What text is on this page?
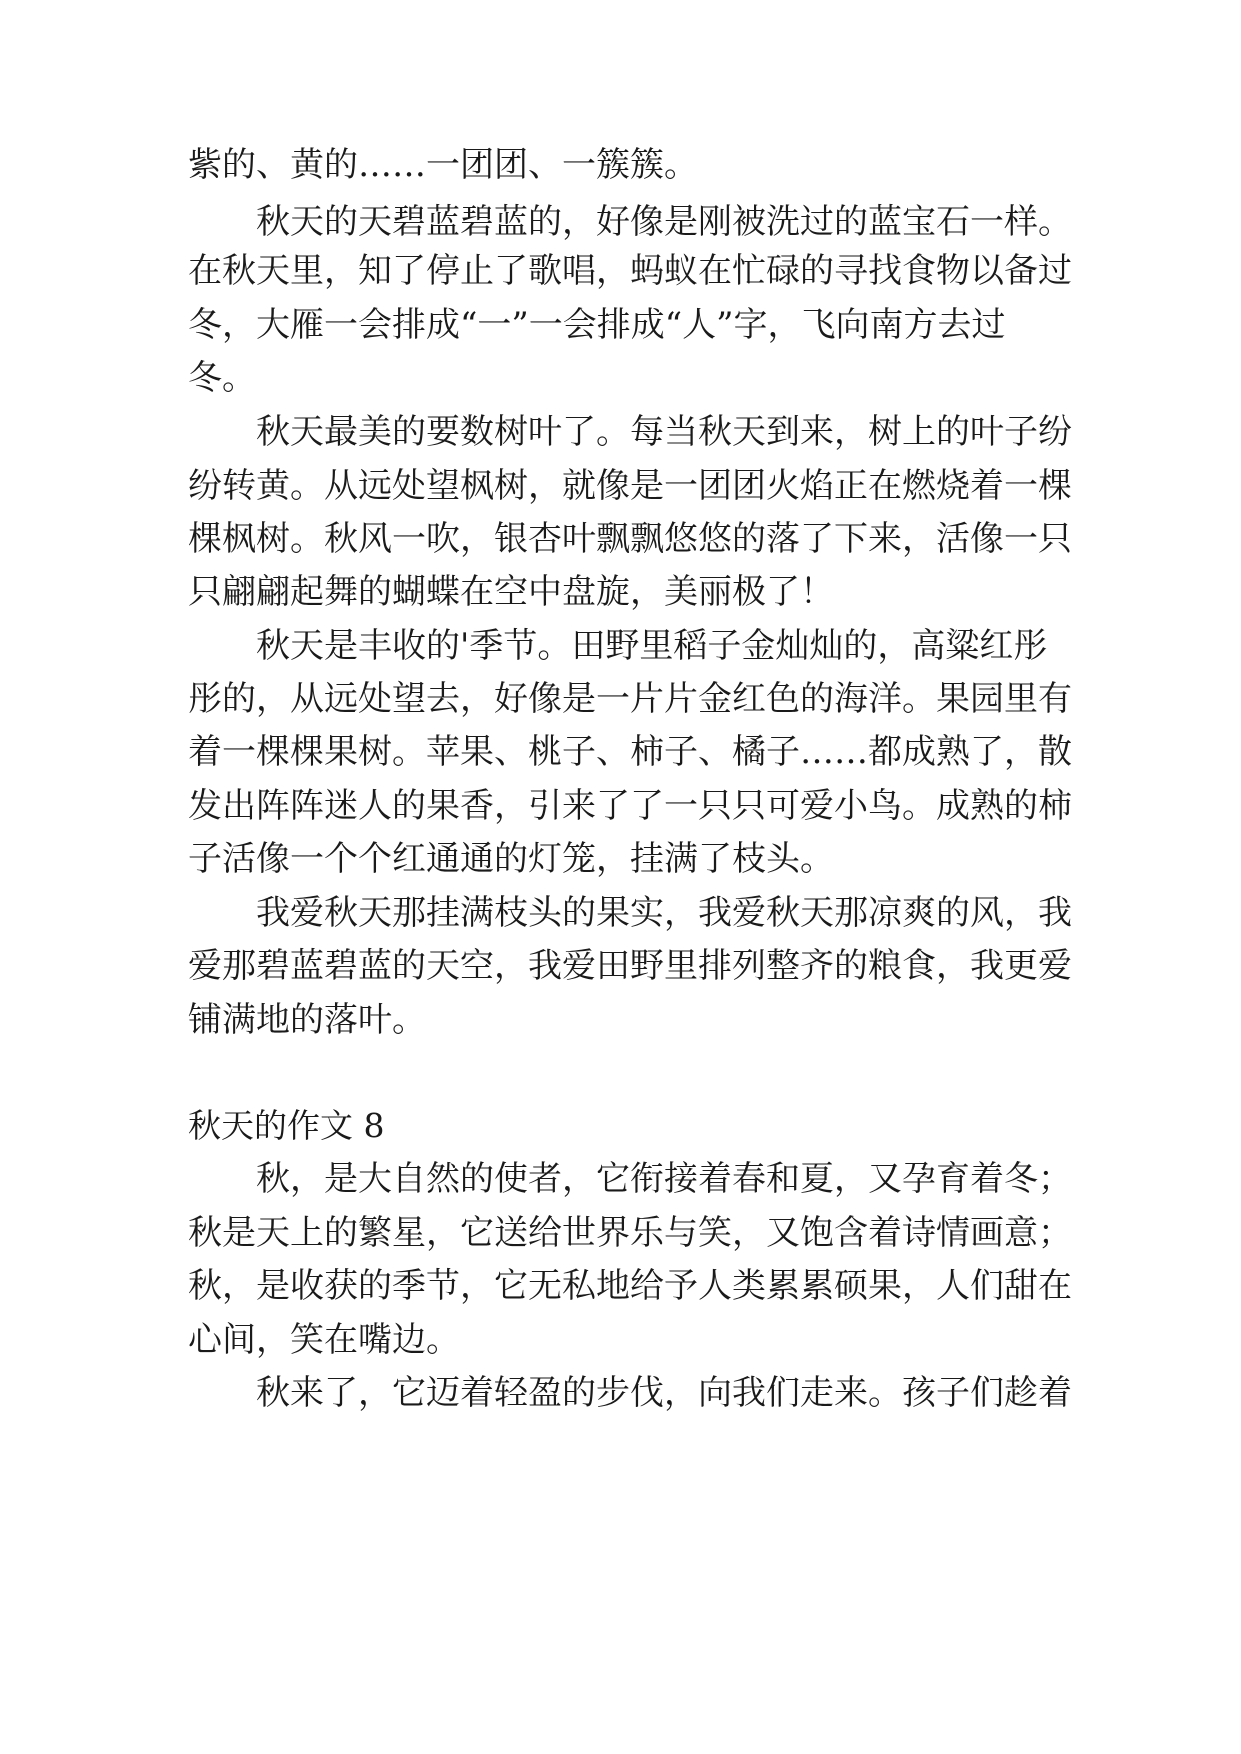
紫的、黄的……一团团、一簇簇。
秋天的天碧蓝碧蓝的，好像是刚被洗过的蓝宝石一样。
在秋天里，知了停止了歌唱，蚂蚁在忙碌的寻找食物以备过
冬，大雁一会排成“一”一会排成“人”字，飞向南方去过
冬。
秋天最美的要数树叶了。每当秋天到来，树上的叶子纷
纷转黄。从远处望枫树，就像是一团团火焰正在燃烧着一棵
棵枫树。秋风一吹，银杏叶飘飘悠悠的落了下来，活像一只
只翩翩起舞的蝴蝶在空中盘旋，美丽极了！
秋天是丰收的'季节。田野里稻子金灿灿的，高粱红彤
彤的，从远处望去，好像是一片片金红色的海洋。果园里有
着一棵棵果树。苹果、桃子、柿子、橘子……都成熟了，散
发出阵阵迷人的果香，引来了了一只只可爱小鸟。成熟的柿
子活像一个个红通通的灯笼，挂满了枝头。
我爱秋天那挂满枝头的果实，我爱秋天那凉爽的风，我
爱那碧蓝碧蓝的天空，我爱田野里排列整齐的粮食，我更爱
铺满地的落叶。
秋天的作文 8
秋，是大自然的使者，它衔接着春和夏，又孕育着冬；
秋是天上的繁星，它送给世界乐与笑，又饱含着诗情画意；
秋，是收获的季节，它无私地给予人类累累硕果，人们甜在
心间，笑在嘴边。
秋来了，它迈着轻盈的步伐，向我们走来。孩子们趁着
